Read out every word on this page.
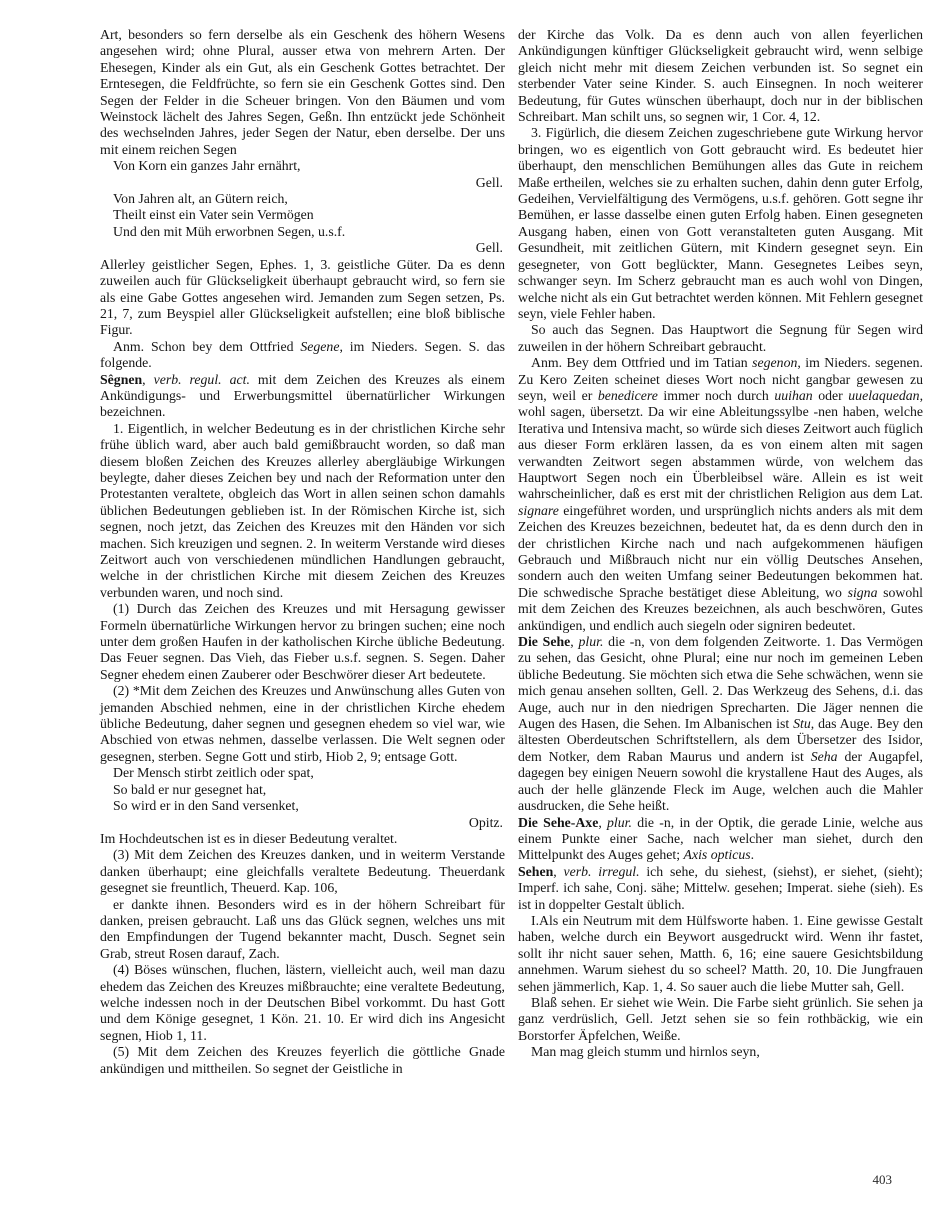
Art, besonders so fern derselbe als ein Geschenk des höhern Wesens angesehen wird; ohne Plural, ausser etwa von mehrern Arten. Der Ehesegen, Kinder als ein Gut, als ein Geschenk Gottes betrachtet. Der Erntesegen, die Feldfrüchte, so fern sie ein Geschenk Gottes sind. Den Segen der Felder in die Scheuer bringen. Von den Bäumen und vom Weinstock lächelt des Jahres Segen, Geßn. Ihn entzückt jede Schönheit des wechselnden Jahres, jeder Segen der Natur, eben derselbe. Der uns mit einem reichen Segen

Von Korn ein ganzes Jahr ernährt,
Gell.
Von Jahren alt, an Gütern reich,
Theilt einst ein Vater sein Vermögen
Und den mit Müh erworbnen Segen, u.s.f.
Gell.

Allerley geistlicher Segen, Ephes. 1, 3. geistliche Güter. Da es denn zuweilen auch für Glückseligkeit überhaupt gebraucht wird, so fern sie als eine Gabe Gottes angesehen wird. Jemanden zum Segen setzen, Ps. 21, 7, zum Beyspiel aller Glückseligkeit aufstellen; eine bloß biblische Figur.

Anm. Schon bey dem Ottfried Segene, im Nieders. Segen. S. das folgende.

Sêgnen, verb. regul. act. mit dem Zeichen des Kreuzes als einem Ankündigungs- und Erwerbungsmittel übernatürlicher Wirkungen bezeichnen.

1. Eigentlich, in welcher Bedeutung es in der christlichen Kirche sehr frühe üblich ward, aber auch bald gemißbraucht worden, so daß man diesem bloßen Zeichen des Kreuzes allerley abergläubige Wirkungen beylegte, daher dieses Zeichen bey und nach der Reformation unter den Protestanten veraltete, obgleich das Wort in allen seinen schon damahls üblichen Bedeutungen geblieben ist. In der Römischen Kirche ist, sich segnen, noch jetzt, das Zeichen des Kreuzes mit den Händen vor sich machen. Sich kreuzigen und segnen. 2. In weiterm Verstande wird dieses Zeitwort auch von verschiedenen mündlichen Handlungen gebraucht, welche in der christlichen Kirche mit diesem Zeichen des Kreuzes verbunden waren, und noch sind.

(1) Durch das Zeichen des Kreuzes und mit Hersagung gewisser Formeln übernatürliche Wirkungen hervor zu bringen suchen; eine noch unter dem großen Haufen in der katholischen Kirche übliche Bedeutung. Das Feuer segnen. Das Vieh, das Fieber u.s.f. segnen. S. Segen. Daher Segner ehedem einen Zauberer oder Beschwörer dieser Art bedeutete.

(2) *Mit dem Zeichen des Kreuzes und Anwünschung alles Guten von jemanden Abschied nehmen, eine in der christlichen Kirche ehedem übliche Bedeutung, daher segnen und gesegnen ehedem so viel war, wie Abschied von etwas nehmen, dasselbe verlassen. Die Welt segnen oder gesegnen, sterben. Segne Gott und stirb, Hiob 2, 9; entsage Gott.

Der Mensch stirbt zeitlich oder spat,
So bald er nur gesegnet hat,
So wird er in den Sand versenket,
Opitz.

Im Hochdeutschen ist es in dieser Bedeutung veraltet.

(3) Mit dem Zeichen des Kreuzes danken, und in weiterm Verstande danken überhaupt; eine gleichfalls veraltete Bedeutung. Theuerdank gesegnet sie freuntlich, Theuerd. Kap. 106,

er dankte ihnen. Besonders wird es in der höhern Schreibart für danken, preisen gebraucht. Laß uns das Glück segnen, welches uns mit den Empfindungen der Tugend bekannter macht, Dusch. Segnet sein Grab, streut Rosen darauf, Zach.

(4) Böses wünschen, fluchen, lästern, vielleicht auch, weil man dazu ehedem das Zeichen des Kreuzes mißbrauchte; eine veraltete Bedeutung, welche indessen noch in der Deutschen Bibel vorkommt. Du hast Gott und dem Könige gesegnet, 1 Kön. 21. 10. Er wird dich ins Angesicht segnen, Hiob 1, 11.

(5) Mit dem Zeichen des Kreuzes feyerlich die göttliche Gnade ankündigen und mittheilen. So segnet der Geistliche in

der Kirche das Volk. Da es denn auch von allen feyerlichen Ankündigungen künftiger Glückseligkeit gebraucht wird, wenn selbige gleich nicht mehr mit diesem Zeichen verbunden ist. So segnet ein sterbender Vater seine Kinder. S. auch Einsegnen. In noch weiterer Bedeutung, für Gutes wünschen überhaupt, doch nur in der biblischen Schreibart. Man schilt uns, so segnen wir, 1 Cor. 4, 12.

3. Figürlich, die diesem Zeichen zugeschriebene gute Wirkung hervor bringen, wo es eigentlich von Gott gebraucht wird. Es bedeutet hier überhaupt, den menschlichen Bemühungen alles das Gute in reichem Maße ertheilen, welches sie zu erhalten suchen, dahin denn guter Erfolg, Gedeihen, Vervielfältigung des Vermögens, u.s.f. gehören. Gott segne ihr Bemühen, er lasse dasselbe einen guten Erfolg haben. Einen gesegneten Ausgang haben, einen von Gott veranstalteten guten Ausgang. Mit Gesundheit, mit zeitlichen Gütern, mit Kindern gesegnet seyn. Ein gesegneter, von Gott beglückter, Mann. Gesegnetes Leibes seyn, schwanger seyn. Im Scherz gebraucht man es auch wohl von Dingen, welche nicht als ein Gut betrachtet werden können. Mit Fehlern gesegnet seyn, viele Fehler haben.

So auch das Segnen. Das Hauptwort die Segnung für Segen wird zuweilen in der höhern Schreibart gebraucht.

Anm. Bey dem Ottfried und im Tatian segenon, im Nieders. segenen. Zu Kero Zeiten scheinet dieses Wort noch nicht gangbar gewesen zu seyn, weil er benedicere immer noch durch uuihan oder uuelaquedan, wohl sagen, übersetzt. Da wir eine Ableitungssylbe -nen haben, welche Iterativa und Intensiva macht, so würde sich dieses Zeitwort auch füglich aus dieser Form erklären lassen, da es von einem alten mit sagen verwandten Zeitwort segen abstammen würde, von welchem das Hauptwort Segen noch ein Überbleibsel wäre. Allein es ist weit wahrscheinlicher, daß es erst mit der christlichen Religion aus dem Lat. signare eingeführet worden, und ursprünglich nichts anders als mit dem Zeichen des Kreuzes bezeichnen, bedeutet hat, da es denn durch den in der christlichen Kirche nach und nach aufgekommenen häufigen Gebrauch und Mißbrauch nicht nur ein völlig Deutsches Ansehen, sondern auch den weiten Umfang seiner Bedeutungen bekommen hat. Die schwedische Sprache bestätiget diese Ableitung, wo signa sowohl mit dem Zeichen des Kreuzes bezeichnen, als auch beschwören, Gutes ankündigen, und endlich auch siegeln oder signiren bedeutet.

Die Sehe, plur. die -n, von dem folgenden Zeitworte. 1. Das Vermögen zu sehen, das Gesicht, ohne Plural; eine nur noch im gemeinen Leben übliche Bedeutung. Sie möchten sich etwa die Sehe schwächen, wenn sie mich genau ansehen sollten, Gell. 2. Das Werkzeug des Sehens, d.i. das Auge, auch nur in den niedrigen Sprecharten. Die Jäger nennen die Augen des Hasen, die Sehen. Im Albanischen ist Stu, das Auge. Bey den ältesten Oberdeutschen Schriftstellern, als dem Übersetzer des Isidor, dem Notker, dem Raban Maurus und andern ist Seha der Augapfel, dagegen bey einigen Neuern sowohl die krystallene Haut des Auges, als auch der helle glänzende Fleck im Auge, welchen auch die Mahler ausdrucken, die Sehe heißt.

Die Sehe-Axe, plur. die -n, in der Optik, die gerade Linie, welche aus einem Punkte einer Sache, nach welcher man siehet, durch den Mittelpunkt des Auges gehet; Axis opticus.

Sehen, verb. irregul. ich sehe, du siehest, (siehst), er siehet, (sieht); Imperf. ich sahe, Conj. sähe; Mittelw. gesehen; Imperat. siehe (sieh). Es ist in doppelter Gestalt üblich.

I.Als ein Neutrum mit dem Hülfsworte haben. 1. Eine gewisse Gestalt haben, welche durch ein Beywort ausgedruckt wird. Wenn ihr fastet, sollt ihr nicht sauer sehen, Matth. 6, 16; eine sauere Gesichtsbildung annehmen. Warum siehest du so scheel? Matth. 20, 10. Die Jungfrauen sehen jämmerlich, Kap. 1, 4. So sauer auch die liebe Mutter sah, Gell.

Blaß sehen. Er siehet wie Wein. Die Farbe sieht grünlich. Sie sehen ja ganz verdrüslich, Gell. Jetzt sehen sie so fein rothbäckig, wie ein Borstorfer Äpfelchen, Weiße.

Man mag gleich stumm und hirnlos seyn,

403
